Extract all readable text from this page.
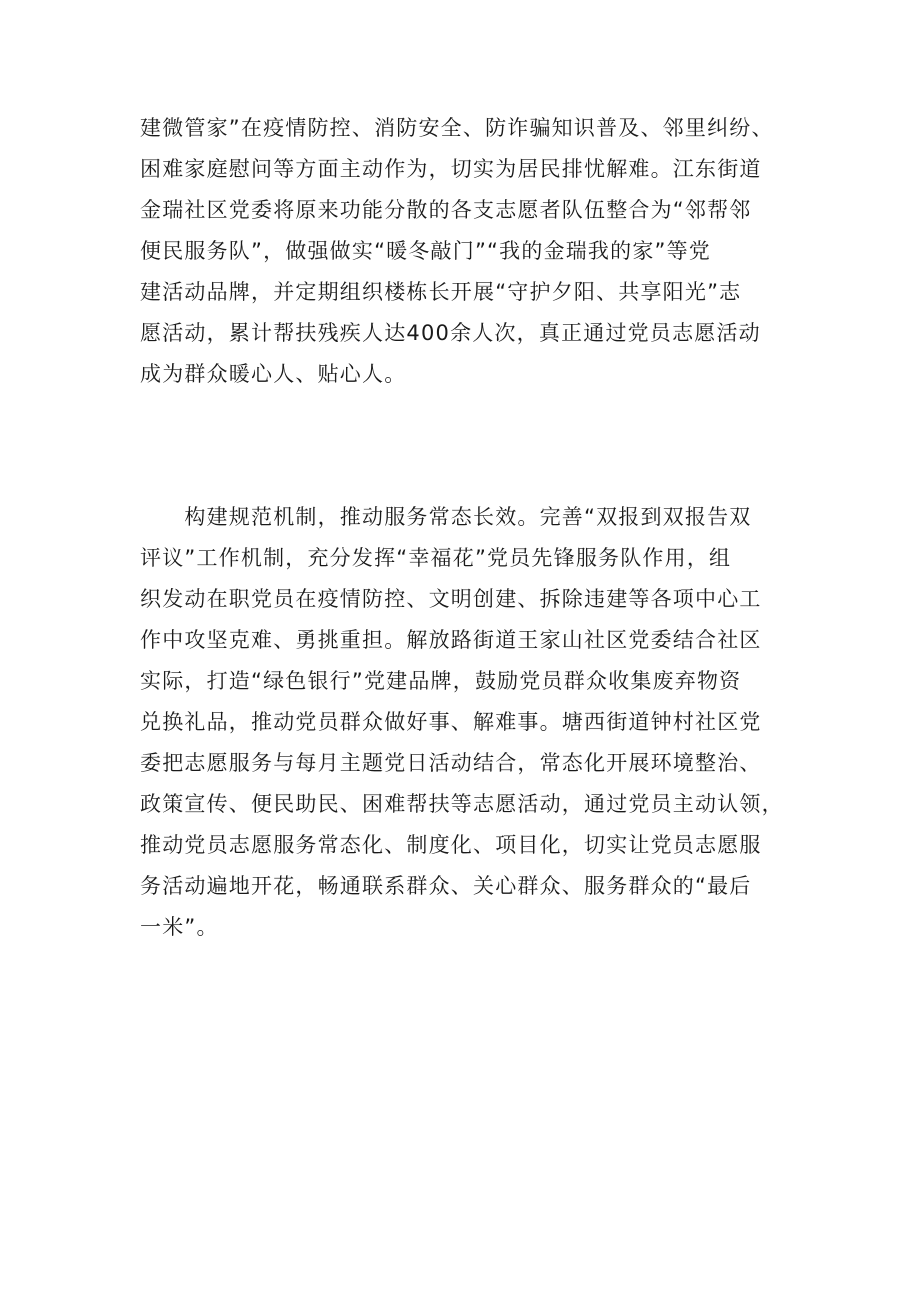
建微管家”在疫情防控、消防安全、防诈骗知识普及、邻里纠纷、
困难家庭慰问等方面主动作为，切实为居民排忧解难。江东街道
金瑞社区党委将原来功能分散的各支志愿者队伍整合为“邻帮邻
便民服务队”，做强做实“暖冬敲门”“我的金瑞我的家”等党
建活动品牌，并定期组织楼栋长开展“守护夕阳、共享阳光”志
愿活动，累计帮扶残疾人达400余人次，真正通过党员志愿活动
成为群众暖心人、贴心人。
　　构建规范机制，推动服务常态长效。完善“双报到双报告双
评议”工作机制，充分发挥“幸福花”党员先锋服务队作用，组
织发动在职党员在疫情防控、文明创建、拆除违建等各项中心工
作中攻坚克难、勇挑重担。解放路街道王家山社区党委结合社区
实际，打造“绿色银行”党建品牌，鼓励党员群众收集废弃物资
兑换礼品，推动党员群众做好事、解难事。塘西街道钟村社区党
委把志愿服务与每月主题党日活动结合，常态化开展环境整治、
政策宣传、便民助民、困难帮扶等志愿活动，通过党员主动认领，
推动党员志愿服务常态化、制度化、项目化，切实让党员志愿服
务活动遍地开花，畅通联系群众、关心群众、服务群众的“最后
一米”。
